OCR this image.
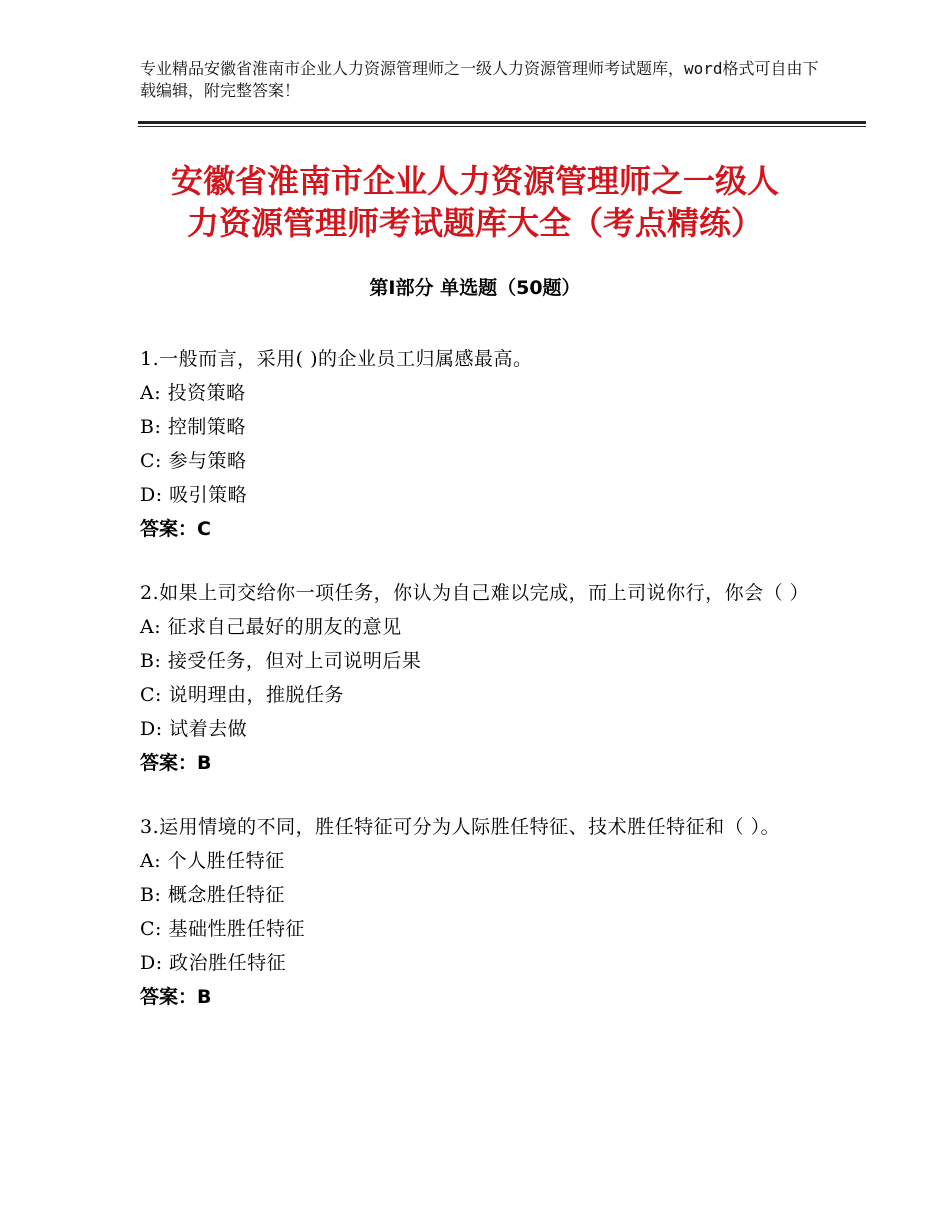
专业精品安徽省淮南市企业人力资源管理师之一级人力资源管理师考试题库，word格式可自由下载编辑，附完整答案！
安徽省淮南市企业人力资源管理师之一级人
力资源管理师考试题库大全（考点精练）
第Ⅰ部分 单选题（50题）
1.一般而言，采用( )的企业员工归属感最高。
A: 投资策略
B: 控制策略
C: 参与策略
D: 吸引策略
答案：C
2.如果上司交给你一项任务，你认为自己难以完成，而上司说你行，你会（ ）
A: 征求自己最好的朋友的意见
B: 接受任务，但对上司说明后果
C: 说明理由，推脱任务
D: 试着去做
答案：B
3.运用情境的不同，胜任特征可分为人际胜任特征、技术胜任特征和（ ）。
A: 个人胜任特征
B: 概念胜任特征
C: 基础性胜任特征
D: 政治胜任特征
答案：B
